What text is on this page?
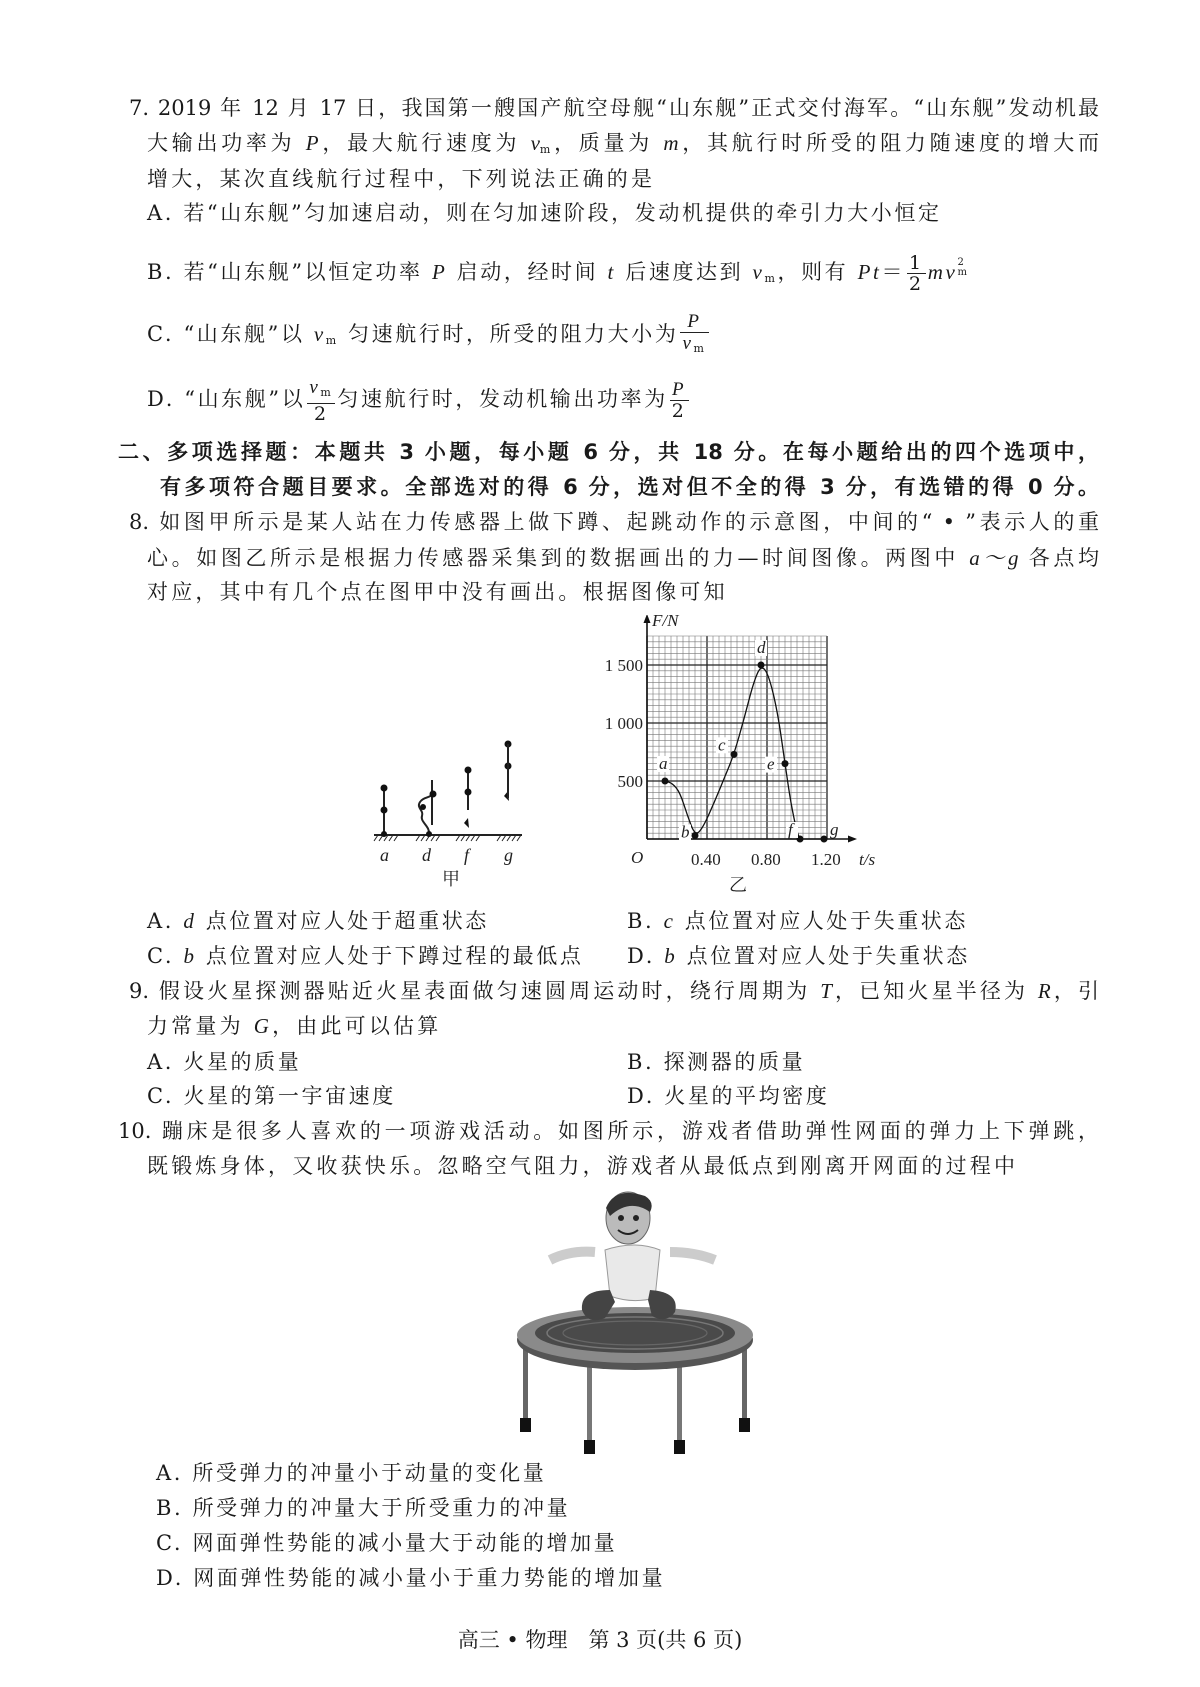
7. 2019 年 12 月 17 日，我国第一艘国产航空母舰“山东舰”正式交付海军。“山东舰”发动机最
大输出功率为 P，最大航行速度为 $v_m$，质量为 m，其航行时所受的阻力随速度的增大而
增大，某次直线航行过程中，下列说法正确的是
A. 若“山东舰”匀加速启动，则在匀加速阶段，发动机提供的牵引力大小恒定
B. 若“山东舰”以恒定功率 P 启动，经时间 t 后速度达到 $v_m$，则有 $Pt= \frac{1}{2}$ mv 2
m
C. “山东舰”以 $v_m$ 匀速航行时，所受的阻力大小为 $\frac{P}{v_m}$
D. “山东舰”以 $\frac{v_m}{2}$ 匀速航行时，发动机输出功率为 $\frac{P}{2}$
二、多项选择题：本题共 3 小题，每小题 6 分，共 18 分。在每小题给出的四个选项中，
有多项符合题目要求。全部选对的得 6 分，选对但不全的得 3 分，有选错的得 0 分。
8. 如图甲所示是某人站在力传感器上做下蹲、起跳动作的示意图，中间的“ • ”表示人的重
心。如图乙所示是根据力传感器采集到的数据画出的力—时间图像。两图中 a～g 各点均
对应，其中有几个点在图甲中没有画出。根据图像可知
a d f g
甲
F/N
t/s
O	0.40 0.80 1.20
500
1 000
1 500
a
b
c
d
e
f g
乙
A. d 点位置对应人处于超重状态	B. c 点位置对应人处于失重状态
C. b 点位置对应人处于下蹲过程的最低点 D. b 点位置对应人处于失重状态
9. 假设火星探测器贴近火星表面做匀速圆周运动时，绕行周期为 T，已知火星半径为 R，引
力常量为 G，由此可以估算
A. 火星的质量	B. 探测器的质量
C. 火星的第一宇宙速度	D. 火星的平均密度
10. 蹦床是很多人喜欢的一项游戏活动。如图所示，游戏者借助弹性网面的弹力上下弹跳，
既锻炼身体，又收获快乐。忽略空气阻力，游戏者从最低点到刚离开网面的过程中
A. 所受弹力的冲量小于动量的变化量
B. 所受弹力的冲量大于所受重力的冲量
C. 网面弹性势能的减小量大于动能的增加量
D. 网面弹性势能的减小量小于重力势能的增加量
高三 • 物理　第 3 页(共 6 页)
